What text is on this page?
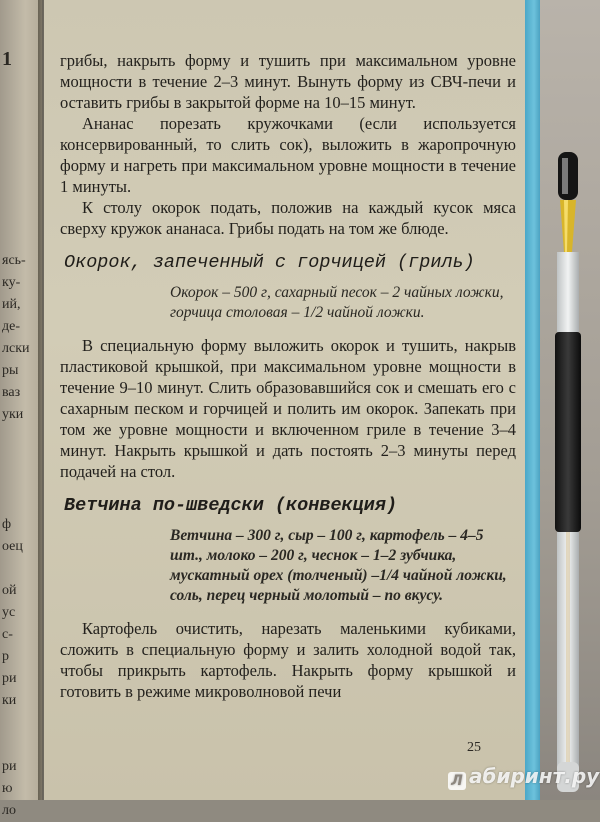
1
ясь-
ку-
ий,
де-
лски
ры
ваз
уки

ф
оец

ой
ус
с-
р
ри
ки

ри
ю
ло

грибы, накрыть форму и тушить при максимальном уровне мощности в течение 2–3 минут. Вынуть форму из СВЧ-печи и оставить грибы в закрытой форме на 10–15 минут.

Ананас порезать кружочками (если используется консервированный, то слить сок), выложить в жаропрочную форму и нагреть при максимальном уровне мощности в течение 1 минуты.

К столу окорок подать, положив на каждый кусок мяса сверху кружок ананаса. Грибы подать на том же блюде.

Окорок, запеченный с горчицей (гриль)

Окорок – 500 г, сахарный песок – 2 чайных ложки, горчица столовая – 1/2 чайной ложки.

В специальную форму выложить окорок и тушить, накрыв пластиковой крышкой, при максимальном уровне мощности в течение 9–10 минут. Слить образовавшийся сок и смешать его с сахарным песком и горчицей и полить им окорок. Запекать при том же уровне мощности и включенном гриле в течение 3–4 минут. Накрыть крышкой и дать постоять 2–3 минуты перед подачей на стол.

Ветчина по-шведски (конвекция)

Ветчина – 300 г, сыр – 100 г, картофель – 4–5 шт., молоко – 200 г, чеснок – 1–2 зубчика, мускатный орех (толченый) –1/4 чайной ложки, соль, перец черный молотый – по вкусу.

Картофель очистить, нарезать маленькими кубиками, сложить в специальную форму и залить холодной водой так, чтобы прикрыть картофель. Накрыть форму крышкой и готовить в режиме микроволновой печи

25
Л абиринт.ру
